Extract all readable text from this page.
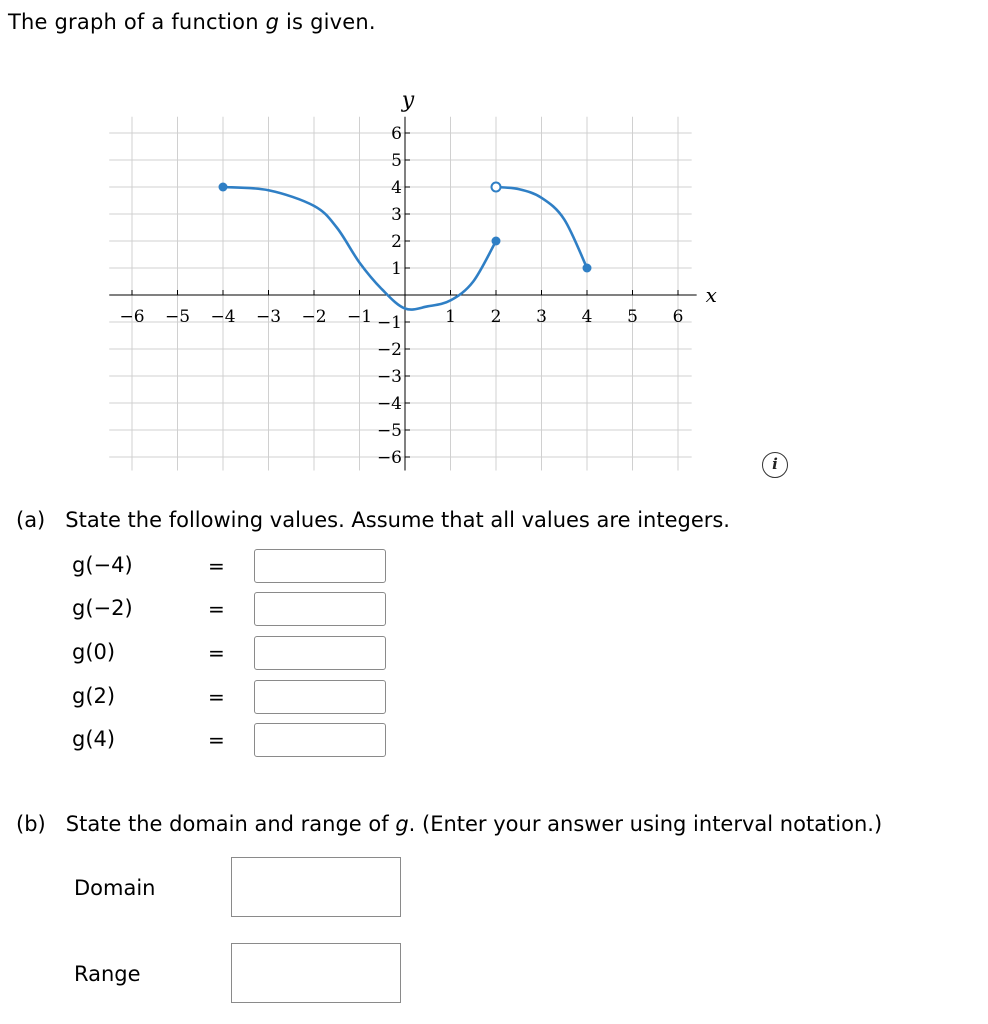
The graph of a function g is given.
−6 −5 −4 −3 −2 −1	1 2 3 4 5 6
−6
−5
−4
−3
−2
−1
1
2
3
4
5
6
x
y
i
(a) State the following values. Assume that all values are integers.
g(−4)	=
g(−2)	=
g(0)	=
g(2)	=
g(4)	=
(b) State the domain and range of g. (Enter your answer using interval notation.)
Domain
Range
